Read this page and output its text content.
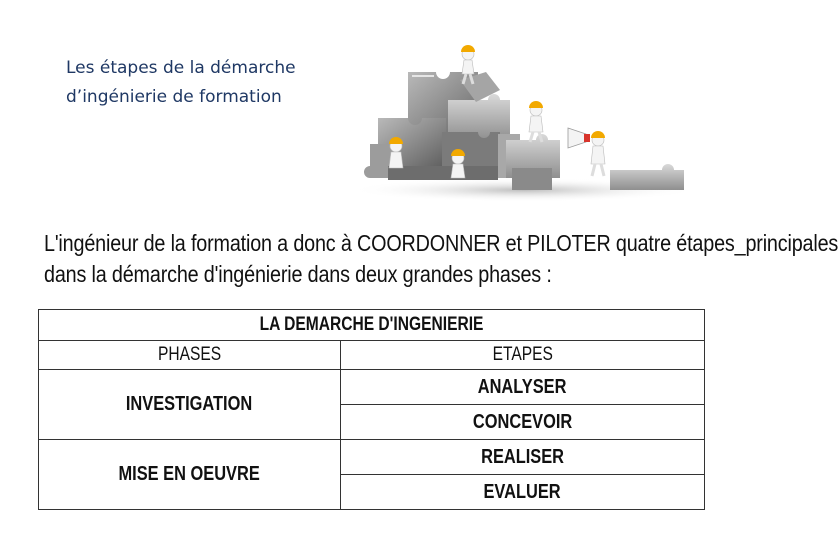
Les étapes de la démarche
d’ingénierie de formation
L'ingénieur de la formation a donc à COORDONNER et PILOTER quatre étapes_principales
dans la démarche d'ingénierie dans deux grandes phases :
LA DEMARCHE D'INGENIERIE	
PHASES	ETAPES
INVESTIGATION	ANALYSER
	CONCEVOIR
MISE EN OEUVRE	REALISER
	EVALUER
